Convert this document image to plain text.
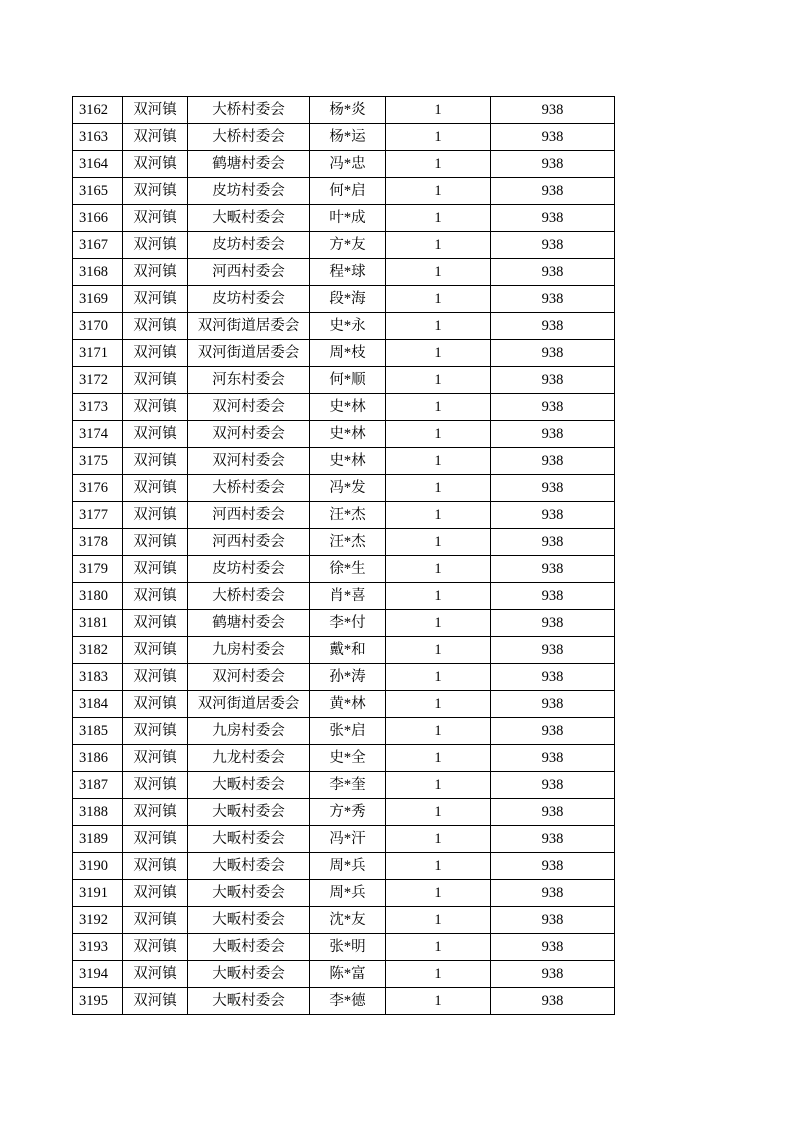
3162	双河镇	大桥村委会	杨*炎	1	938
3163	双河镇	大桥村委会	杨*运	1	938
3164	双河镇	鹤塘村委会	冯*忠	1	938
3165	双河镇	皮坊村委会	何*启	1	938
3166	双河镇	大畈村委会	叶*成	1	938
3167	双河镇	皮坊村委会	方*友	1	938
3168	双河镇	河西村委会	程*球	1	938
3169	双河镇	皮坊村委会	段*海	1	938
3170	双河镇	双河街道居委会	史*永	1	938
3171	双河镇	双河街道居委会	周*枝	1	938
3172	双河镇	河东村委会	何*顺	1	938
3173	双河镇	双河村委会	史*林	1	938
3174	双河镇	双河村委会	史*林	1	938
3175	双河镇	双河村委会	史*林	1	938
3176	双河镇	大桥村委会	冯*发	1	938
3177	双河镇	河西村委会	汪*杰	1	938
3178	双河镇	河西村委会	汪*杰	1	938
3179	双河镇	皮坊村委会	徐*生	1	938
3180	双河镇	大桥村委会	肖*喜	1	938
3181	双河镇	鹤塘村委会	李*付	1	938
3182	双河镇	九房村委会	戴*和	1	938
3183	双河镇	双河村委会	孙*涛	1	938
3184	双河镇	双河街道居委会	黄*林	1	938
3185	双河镇	九房村委会	张*启	1	938
3186	双河镇	九龙村委会	史*全	1	938
3187	双河镇	大畈村委会	李*奎	1	938
3188	双河镇	大畈村委会	方*秀	1	938
3189	双河镇	大畈村委会	冯*汗	1	938
3190	双河镇	大畈村委会	周*兵	1	938
3191	双河镇	大畈村委会	周*兵	1	938
3192	双河镇	大畈村委会	沈*友	1	938
3193	双河镇	大畈村委会	张*明	1	938
3194	双河镇	大畈村委会	陈*富	1	938
3195	双河镇	大畈村委会	李*德	1	938
